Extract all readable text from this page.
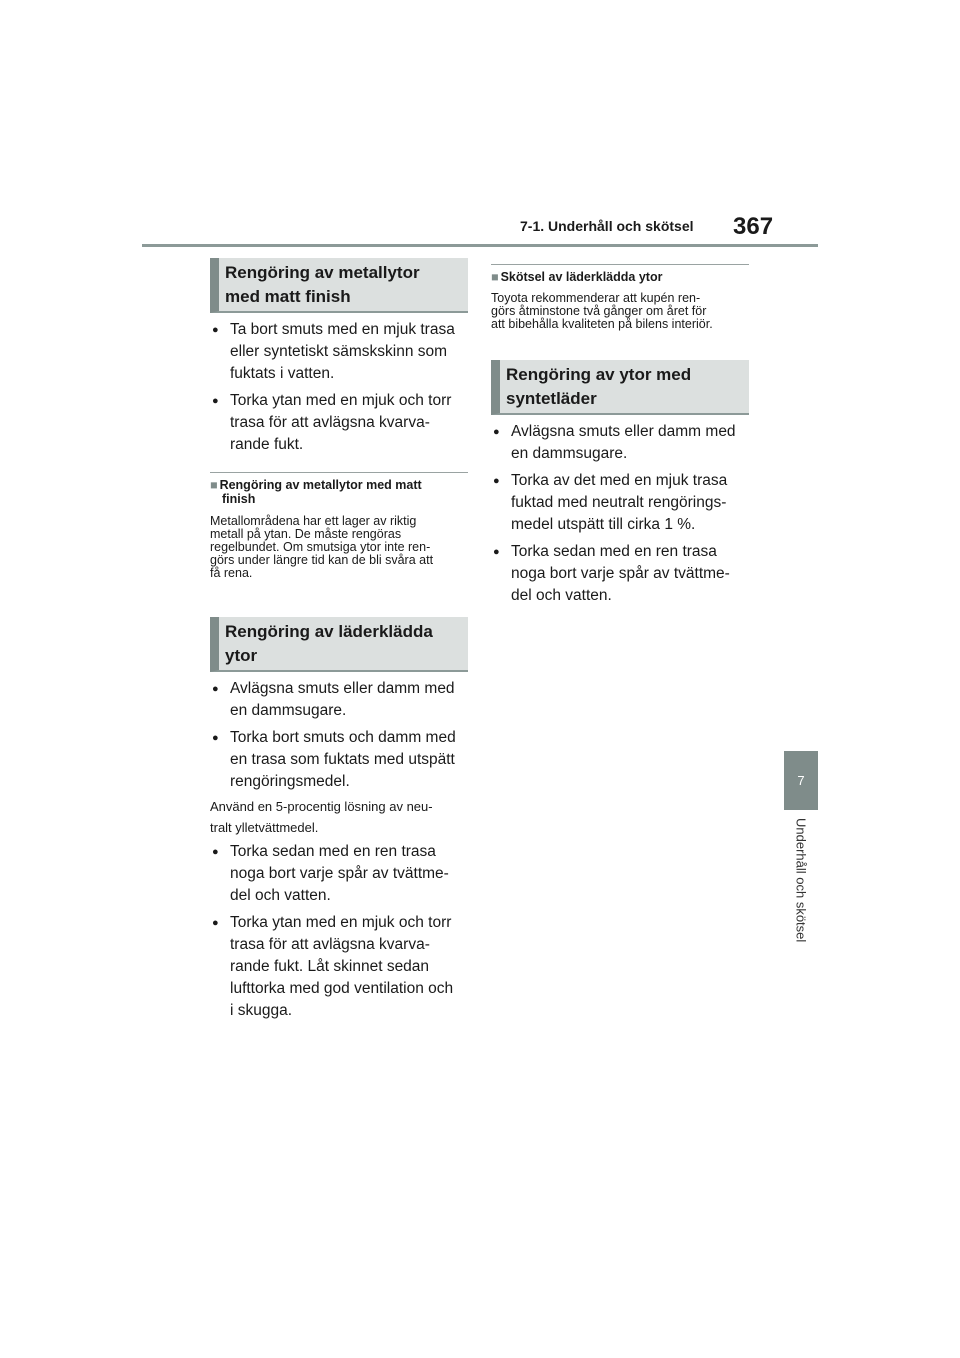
7-1. Underhåll och skötsel 367
7
Underhåll och skötsel
Rengöring av metallytor
med matt finish
● Ta bort smuts med en mjuk trasa
eller syntetiskt sämskskinn som
fuktats i vatten.
● Torka ytan med en mjuk och torr
trasa för att avlägsna kvarva-
rande fukt.
■ Rengöring av metallytor med matt
finish
Metallområdena har ett lager av riktig
metall på ytan. De måste rengöras
regelbundet. Om smutsiga ytor inte ren-
görs under längre tid kan de bli svåra att
få rena.
Rengöring av läderklädda
ytor
● Avlägsna smuts eller damm med
en dammsugare.
● Torka bort smuts och damm med
en trasa som fuktats med utspätt
rengöringsmedel.
Använd en 5-procentig lösning av neu-
tralt ylletvättmedel.
● Torka sedan med en ren trasa
noga bort varje spår av tvättme-
del och vatten.
● Torka ytan med en mjuk och torr
trasa för att avlägsna kvarva-
rande fukt. Låt skinnet sedan
lufttorka med god ventilation och
i skugga.
■ Skötsel av läderklädda ytor
Toyota rekommenderar att kupén ren-
görs åtminstone två gånger om året för
att bibehålla kvaliteten på bilens interiör.
Rengöring av ytor med
syntetläder
● Avlägsna smuts eller damm med
en dammsugare.
● Torka av det med en mjuk trasa
fuktad med neutralt rengörings-
medel utspätt till cirka 1 %.
● Torka sedan med en ren trasa
noga bort varje spår av tvättme-
del och vatten.
